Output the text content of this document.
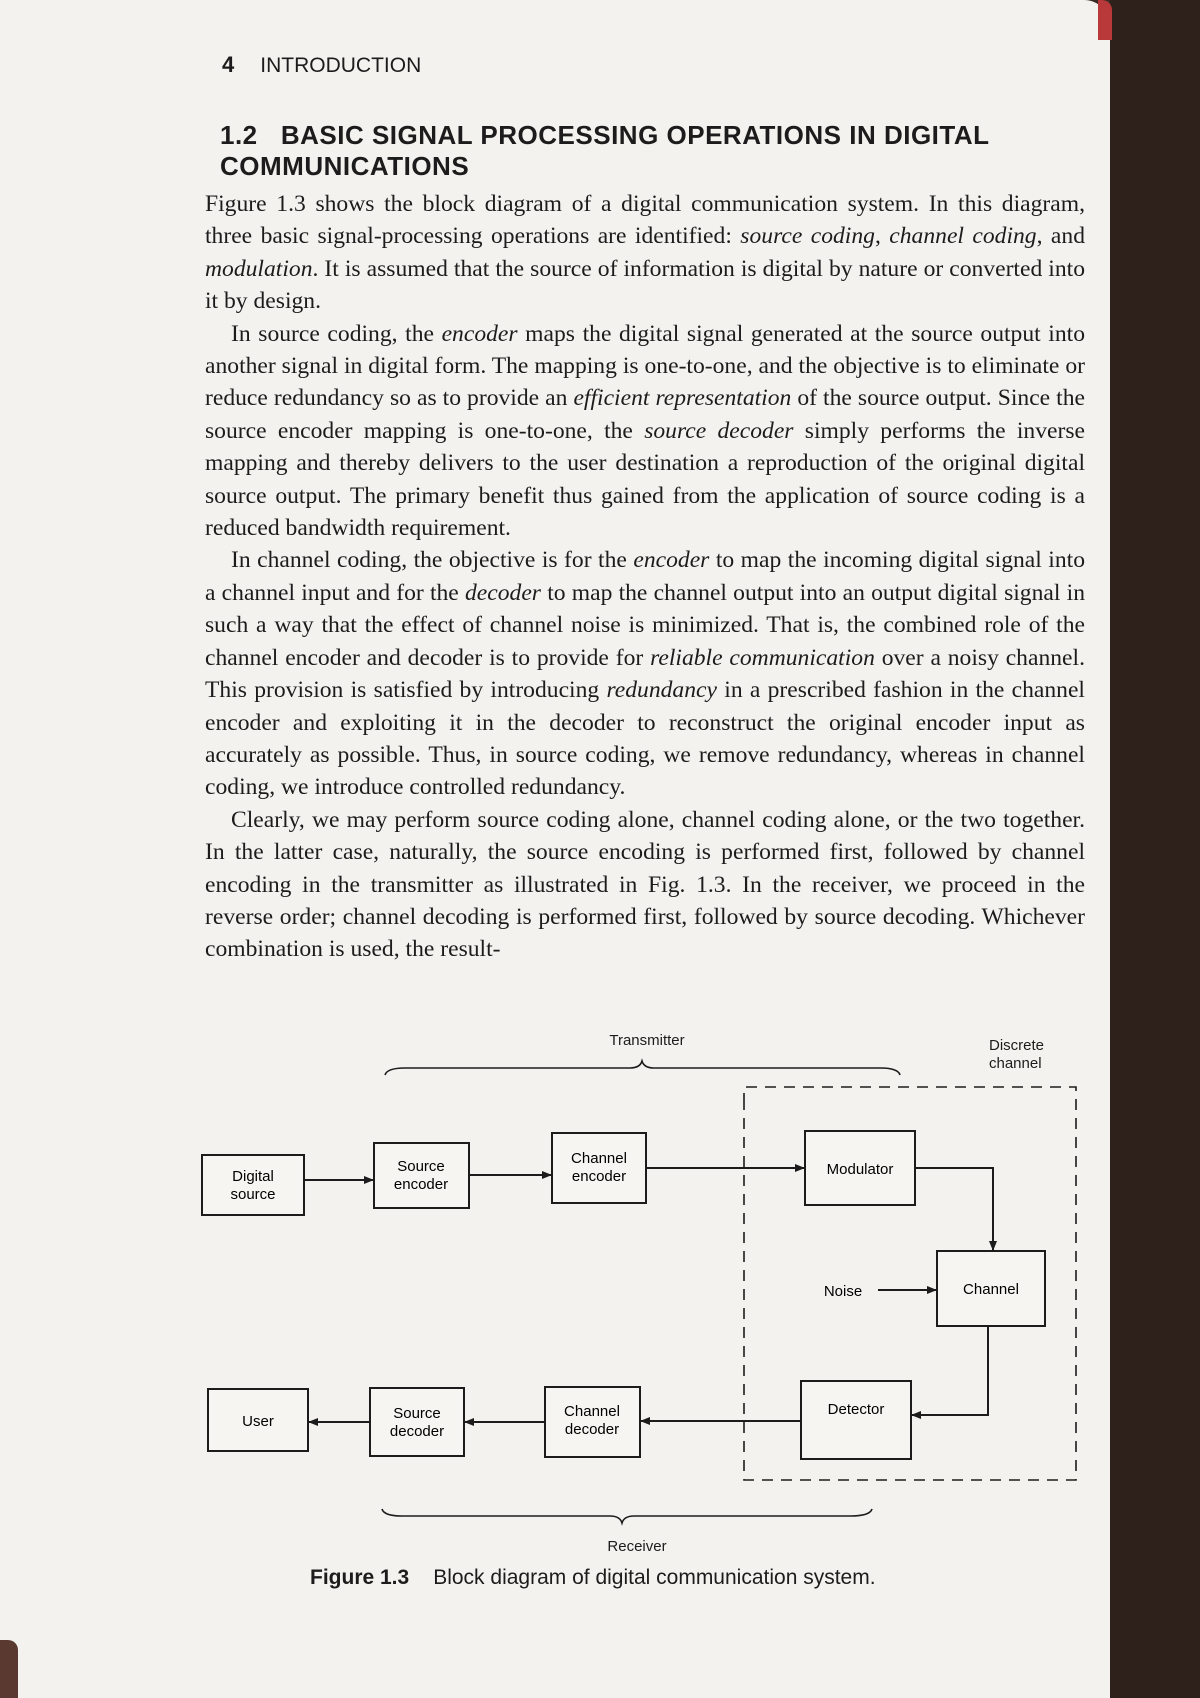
4 INTRODUCTION
1.2 BASIC SIGNAL PROCESSING OPERATIONS IN DIGITAL COMMUNICATIONS

Figure 1.3 shows the block diagram of a digital communication system. In this diagram, three basic signal-processing operations are identified: source coding, channel coding, and modulation. It is assumed that the source of information is digital by nature or converted into it by design.

In source coding, the encoder maps the digital signal generated at the source output into another signal in digital form. The mapping is one-to-one, and the objective is to eliminate or reduce redundancy so as to provide an efficient representation of the source output. Since the source encoder mapping is one-to-one, the source decoder simply performs the inverse mapping and thereby delivers to the user destination a reproduction of the original digital source output. The primary benefit thus gained from the application of source coding is a reduced bandwidth requirement.

In channel coding, the objective is for the encoder to map the incoming digital signal into a channel input and for the decoder to map the channel output into an output digital signal in such a way that the effect of channel noise is minimized. That is, the combined role of the channel encoder and decoder is to provide for reliable communication over a noisy channel. This provision is satisfied by introducing redundancy in a prescribed fashion in the channel encoder and exploiting it in the decoder to reconstruct the original encoder input as accurately as possible. Thus, in source coding, we remove redundancy, whereas in channel coding, we introduce controlled redundancy.

Clearly, we may perform source coding alone, channel coding alone, or the two together. In the latter case, naturally, the source encoding is performed first, followed by channel encoding in the transmitter as illustrated in Fig. 1.3. In the receiver, we proceed in the reverse order; channel decoding is performed first, followed by source decoding. Whichever combination is used, the result-

Transmitter	Discrete channel
Digital
source
Source
encoder
Channel
encoder	Modulator
Channel
Noise
Detector
Channel
decoder
Source
decoder
User
Receiver
Figure 1.3 Block diagram of digital communication system.
